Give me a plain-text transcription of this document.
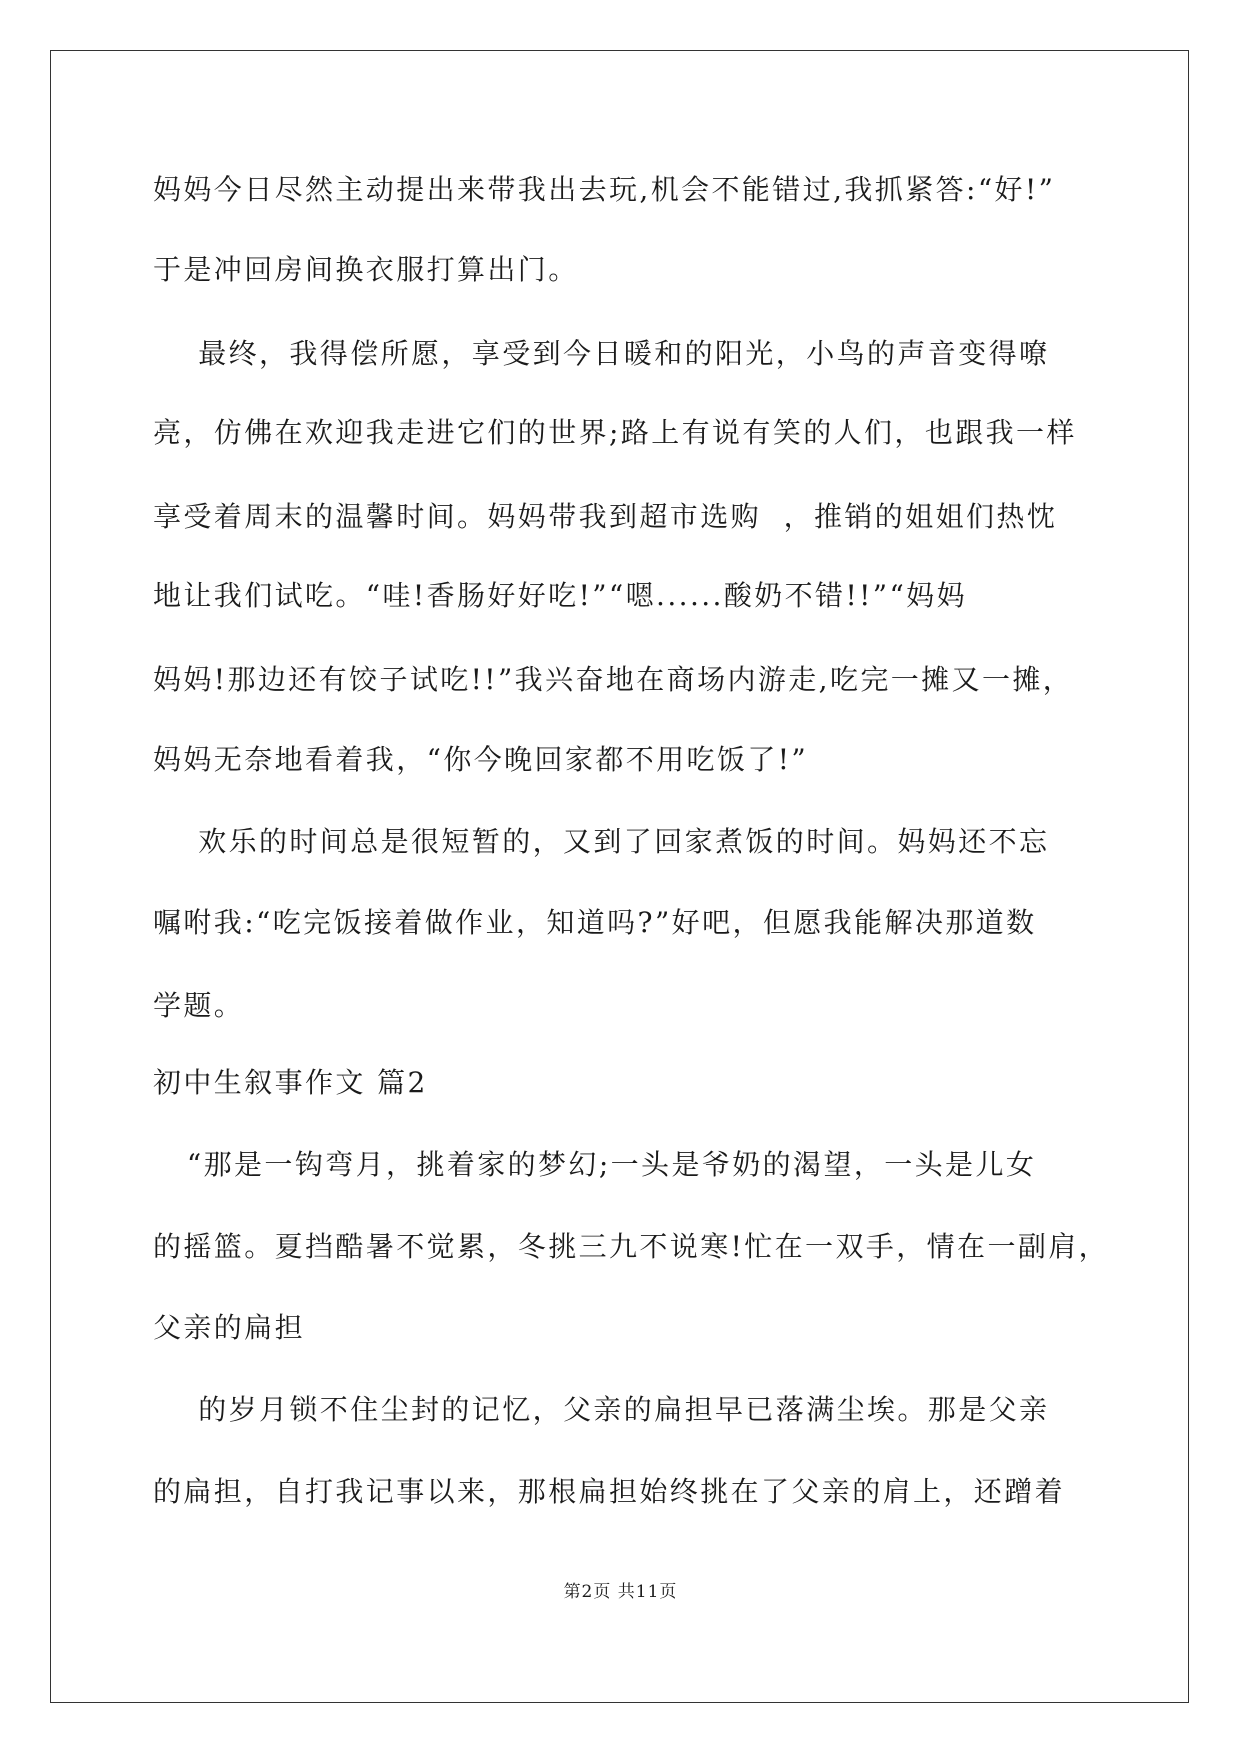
妈妈今日尽然主动提出来带我出去玩,机会不能错过,我抓紧答:“好!”
于是冲回房间换衣服打算出门。
最终，我得偿所愿，享受到今日暖和的阳光，小鸟的声音变得嘹
亮，仿佛在欢迎我走进它们的世界;路上有说有笑的人们，也跟我一样
享受着周末的温馨时间。妈妈带我到超市选购  ，推销的姐姐们热忱
地让我们试吃。“哇!香肠好好吃!”“嗯......酸奶不错!!”“妈妈
妈妈!那边还有饺子试吃!!”我兴奋地在商场内游走,吃完一摊又一摊，
妈妈无奈地看着我，“你今晚回家都不用吃饭了!”
欢乐的时间总是很短暂的，又到了回家煮饭的时间。妈妈还不忘
嘱咐我:“吃完饭接着做作业，知道吗?”好吧，但愿我能解决那道数
学题。
初中生叙事作文 篇2
“那是一钩弯月，挑着家的梦幻;一头是爷奶的渴望，一头是儿女
的摇篮。夏挡酷暑不觉累，冬挑三九不说寒!忙在一双手，情在一副肩，
父亲的扁担
的岁月锁不住尘封的记忆，父亲的扁担早已落满尘埃。那是父亲
的扁担，自打我记事以来，那根扁担始终挑在了父亲的肩上，还蹭着
第2页 共11页
